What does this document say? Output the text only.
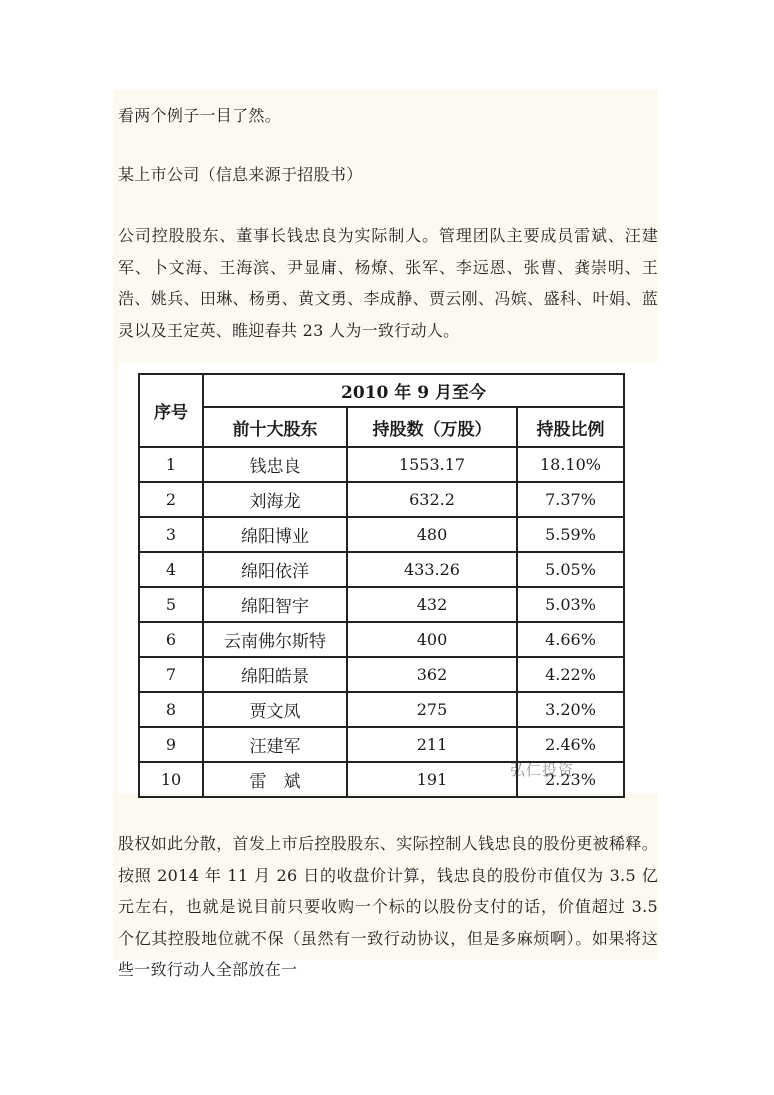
看两个例子一目了然。

某上市公司（信息来源于招股书）

公司控股股东、董事长钱忠良为实际制人。管理团队主要成员雷斌、汪建军、卜文海、王海滨、尹显庸、杨燎、张军、李远恩、张曹、龚崇明、王浩、姚兵、田琳、杨勇、黄文勇、李成静、贾云刚、冯嫔、盛科、叶娟、蓝灵以及王定英、睢迎春共 23 人为一致行动人。

序号	2010 年 9 月至今		
	前十大股东	持股数（万股）	持股比例
1	钱忠良	1553.17	18.10%
2	刘海龙	632.2	7.37%
3	绵阳博业	480	5.59%
4	绵阳依洋	433.26	5.05%
5	绵阳智宇	432	5.03%
6	云南佛尔斯特	400	4.66%
7	绵阳皓景	362	4.22%
8	贾文凤	275	3.20%
9	汪建军	211	2.46%
10	雷　斌	191	2.23%
弘仁投资

股权如此分散，首发上市后控股股东、实际控制人钱忠良的股份更被稀释。按照 2014 年 11 月 26 日的收盘价计算，钱忠良的股份市值仅为 3.5 亿元左右，也就是说目前只要收购一个标的以股份支付的话，价值超过 3.5 个亿其控股地位就不保（虽然有一致行动协议，但是多麻烦啊）。如果将这些一致行动人全部放在一
